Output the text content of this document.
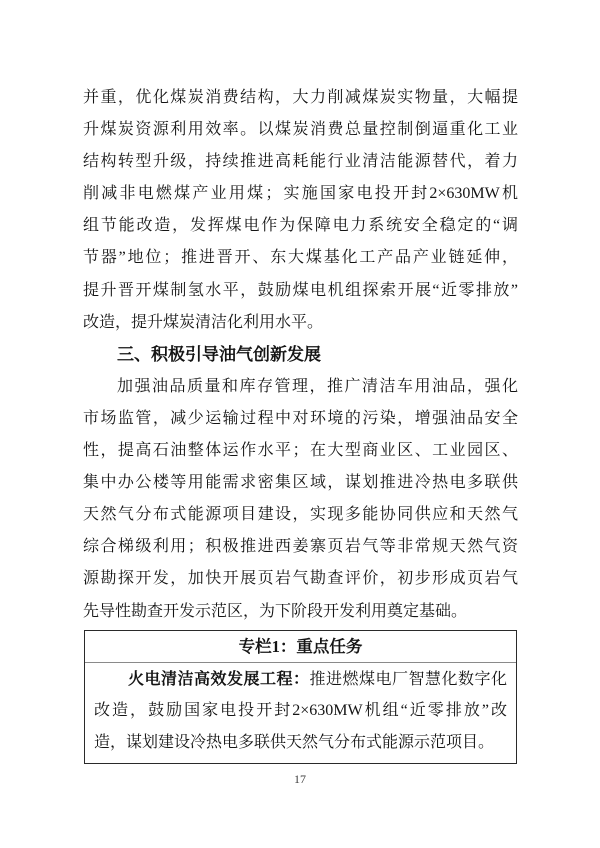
并重，优化煤炭消费结构，大力削减煤炭实物量，大幅提
升煤炭资源利用效率。以煤炭消费总量控制倒逼重化工业
结构转型升级，持续推进高耗能行业清洁能源替代，着力
削减非电燃煤产业用煤；实施国家电投开封2×630MW机
组节能改造，发挥煤电作为保障电力系统安全稳定的“调
节器”地位；推进晋开、东大煤基化工产品产业链延伸，
提升晋开煤制氢水平，鼓励煤电机组探索开展“近零排放”
改造，提升煤炭清洁化利用水平。
三、积极引导油气创新发展
加强油品质量和库存管理，推广清洁车用油品，强化
市场监管，减少运输过程中对环境的污染，增强油品安全
性，提高石油整体运作水平；在大型商业区、工业园区、
集中办公楼等用能需求密集区域，谋划推进冷热电多联供
天然气分布式能源项目建设，实现多能协同供应和天然气
综合梯级利用；积极推进西姜寨页岩气等非常规天然气资
源勘探开发，加快开展页岩气勘查评价，初步形成页岩气
先导性勘查开发示范区，为下阶段开发利用奠定基础。
专栏1：重点任务
火电清洁高效发展工程：推进燃煤电厂智慧化数字化
改造，鼓励国家电投开封2×630MW机组“近零排放”改
造，谋划建设冷热电多联供天然气分布式能源示范项目。
17
